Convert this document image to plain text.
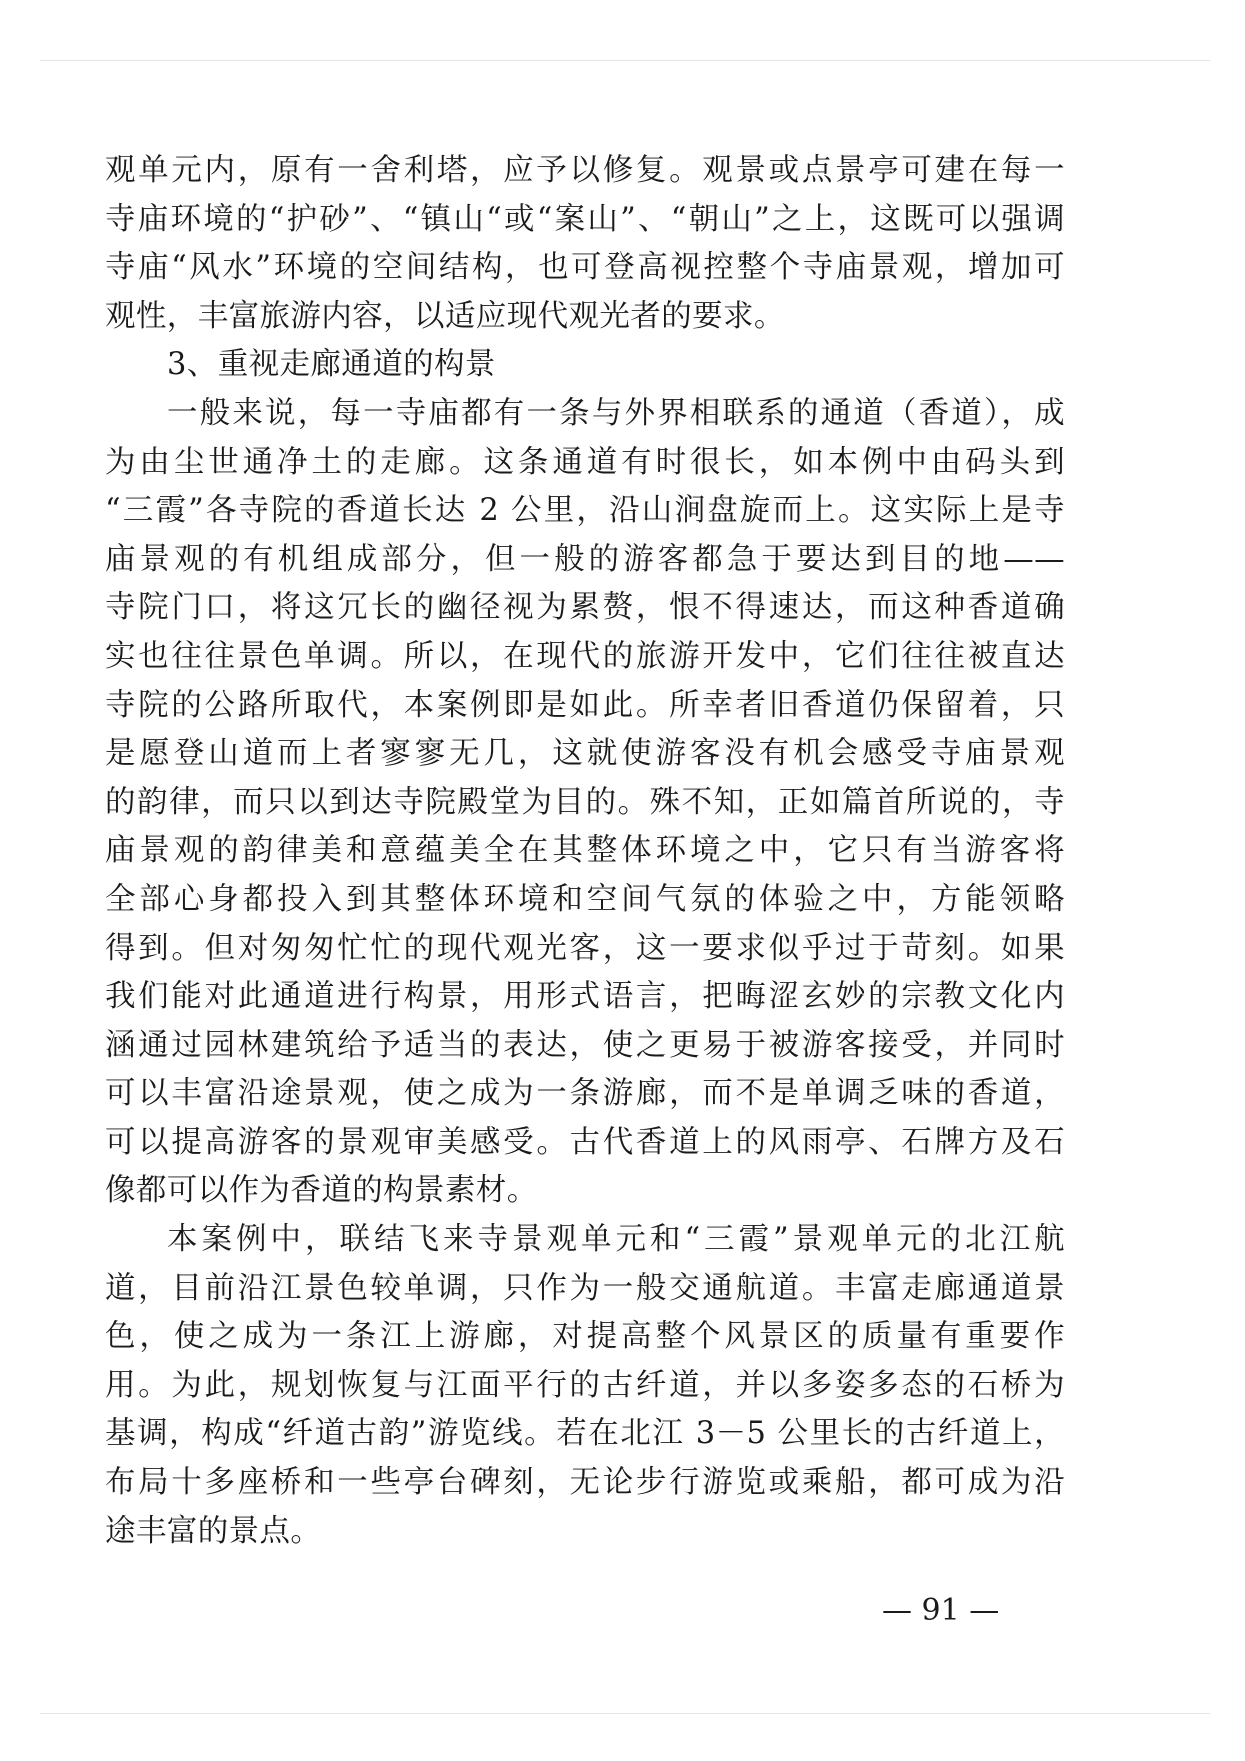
观单元内，原有一舍利塔，应予以修复。观景或点景亭可建在每一
寺庙环境的“护砂”、“镇山“或“案山”、“朝山”之上，这既可以强调
寺庙“风水”环境的空间结构，也可登高视控整个寺庙景观，增加可
观性，丰富旅游内容，以适应现代观光者的要求。
3、重视走廊通道的构景
一般来说，每一寺庙都有一条与外界相联系的通道（香道），成
为由尘世通净土的走廊。这条通道有时很长，如本例中由码头到
“三霞”各寺院的香道长达 2 公里，沿山涧盘旋而上。这实际上是寺
庙景观的有机组成部分，但一般的游客都急于要达到目的地——
寺院门口，将这冗长的幽径视为累赘，恨不得速达，而这种香道确
实也往往景色单调。所以，在现代的旅游开发中，它们往往被直达
寺院的公路所取代，本案例即是如此。所幸者旧香道仍保留着，只
是愿登山道而上者寥寥无几，这就使游客没有机会感受寺庙景观
的韵律，而只以到达寺院殿堂为目的。殊不知，正如篇首所说的，寺
庙景观的韵律美和意蕴美全在其整体环境之中，它只有当游客将
全部心身都投入到其整体环境和空间气氛的体验之中，方能领略
得到。但对匆匆忙忙的现代观光客，这一要求似乎过于苛刻。如果
我们能对此通道进行构景，用形式语言，把晦涩玄妙的宗教文化内
涵通过园林建筑给予适当的表达，使之更易于被游客接受，并同时
可以丰富沿途景观，使之成为一条游廊，而不是单调乏味的香道，
可以提高游客的景观审美感受。古代香道上的风雨亭、石牌方及石
像都可以作为香道的构景素材。
本案例中，联结飞来寺景观单元和“三霞”景观单元的北江航
道，目前沿江景色较单调，只作为一般交通航道。丰富走廊通道景
色，使之成为一条江上游廊，对提高整个风景区的质量有重要作
用。为此，规划恢复与江面平行的古纤道，并以多姿多态的石桥为
基调，构成“纤道古韵”游览线。若在北江 3－5 公里长的古纤道上，
布局十多座桥和一些亭台碑刻，无论步行游览或乘船，都可成为沿
途丰富的景点。
— 91 —
